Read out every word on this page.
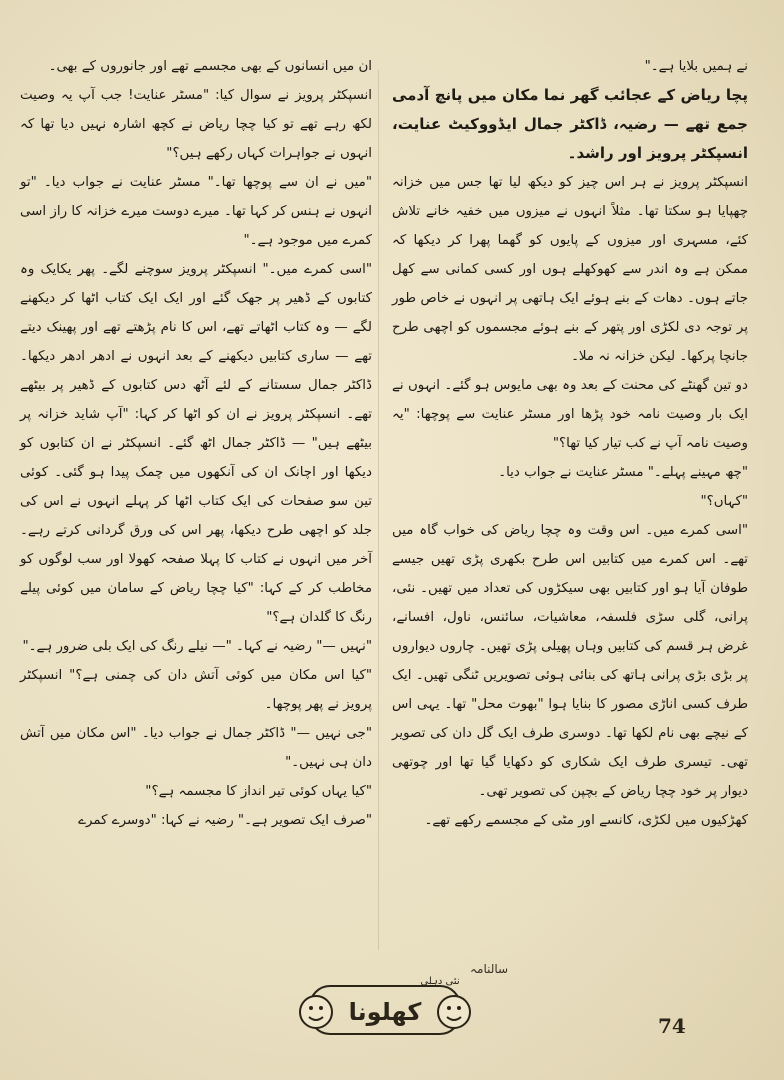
نے ہمیں بلایا ہے۔"

پچا ریاض کے عجائب گھر نما مکان میں پانچ آدمی جمع تھے — رضیہ، ڈاکٹر جمال ایڈووکیٹ عنایت، انسپکٹر پرویز اور راشد۔

انسپکٹر پرویز نے ہر اس چیز کو دیکھ لیا تھا جس میں خزانہ چھپایا ہو سکتا تھا۔ مثلاً انہوں نے میزوں میں خفیہ خانے تلاش کئے، مسہری اور میزوں کے پایوں کو گھما پھرا کر دیکھا کہ ممکن ہے وہ اندر سے کھوکھلے ہوں اور کسی کمانی سے کھل جاتے ہوں۔ دھات کے بنے ہوئے ایک ہاتھی پر انہوں نے خاص طور پر توجہ دی لکڑی اور پتھر کے بنے ہوئے مجسموں کو اچھی طرح جانچا پرکھا۔ لیکن خزانہ نہ ملا۔

دو تین گھنٹے کی محنت کے بعد وہ بھی مایوس ہو گئے۔ انہوں نے ایک بار وصیت نامہ خود پڑھا اور مسٹر عنایت سے پوچھا: "یہ وصیت نامہ آپ نے کب تیار کیا تھا؟"

"چھ مہینے پہلے۔" مسٹر عنایت نے جواب دیا۔

"کہاں؟"

"اسی کمرے میں۔ اس وقت وہ چچا ریاض کی خواب گاہ میں تھے۔ اس کمرے میں کتابیں اس طرح بکھری پڑی تھیں جیسے طوفان آیا ہو اور کتابیں بھی سیکڑوں کی تعداد میں تھیں۔ نئی، پرانی، گلی سڑی فلسفہ، معاشیات، سائنس، ناول، افسانے، غرض ہر قسم کی کتابیں وہاں پھیلی پڑی تھیں۔ چاروں دیواروں پر بڑی بڑی پرانی ہاتھ کی بنائی ہوئی تصویریں ٹنگی تھیں۔ ایک طرف کسی اناڑی مصور کا بنایا ہوا "بھوت محل" تھا۔ یہی اس کے نیچے بھی نام لکھا تھا۔ دوسری طرف ایک گل دان کی تصویر تھی۔ تیسری طرف ایک شکاری کو دکھایا گیا تھا اور چوتھی دیوار پر خود چچا ریاض کے بچپن کی تصویر تھی۔

کھڑکیوں میں لکڑی، کانسے اور مٹی کے مجسمے رکھے تھے۔

ان میں انسانوں کے بھی مجسمے تھے اور جانوروں کے بھی۔

انسپکٹر پرویز نے سوال کیا: "مسٹر عنایت! جب آپ یہ وصیت لکھ رہے تھے تو کیا چچا ریاض نے کچھ اشارہ نہیں دیا تھا کہ انہوں نے جواہرات کہاں رکھے ہیں؟"

"میں نے ان سے پوچھا تھا۔" مسٹر عنایت نے جواب دیا۔ "تو انہوں نے ہنس کر کہا تھا۔ میرے دوست میرے خزانہ کا راز اسی کمرے میں موجود ہے۔"

"اسی کمرے میں۔" انسپکٹر پرویز سوچنے لگے۔ پھر یکایک وہ کتابوں کے ڈھیر پر جھک گئے اور ایک ایک کتاب اٹھا کر دیکھنے لگے — وہ کتاب اٹھاتے تھے، اس کا نام پڑھتے تھے اور پھینک دیتے تھے — ساری کتابیں دیکھنے کے بعد انہوں نے ادھر ادھر دیکھا۔ ڈاکٹر جمال سستانے کے لئے آٹھ دس کتابوں کے ڈھیر پر بیٹھے تھے۔ انسپکٹر پرویز نے ان کو اٹھا کر کہا: "آپ شاید خزانہ پر بیٹھے ہیں" — ڈاکٹر جمال اٹھ گئے۔ انسپکٹر نے ان کتابوں کو دیکھا اور اچانک ان کی آنکھوں میں چمک پیدا ہو گئی۔ کوئی تین سو صفحات کی ایک کتاب اٹھا کر پہلے انہوں نے اس کی جلد کو اچھی طرح دیکھا، پھر اس کی ورق گردانی کرتے رہے۔ آخر میں انہوں نے کتاب کا پہلا صفحہ کھولا اور سب لوگوں کو مخاطب کر کے کہا: "کیا چچا ریاض کے سامان میں کوئی پیلے رنگ کا گلدان ہے؟"

"نہیں —" رضیہ نے کہا۔ "— نیلے رنگ کی ایک بلی ضرور ہے۔"

"کیا اس مکان میں کوئی آتش دان کی چمنی ہے؟" انسپکٹر پرویز نے پھر پوچھا۔

"جی نہیں —" ڈاکٹر جمال نے جواب دیا۔ "اس مکان میں آتش دان ہی نہیں۔"

"کیا یہاں کوئی تیر انداز کا مجسمہ ہے؟"

"صرف ایک تصویر ہے۔" رضیہ نے کہا: "دوسرے کمرے

سالنامہ
کھلونا
نئی دہلی
74
